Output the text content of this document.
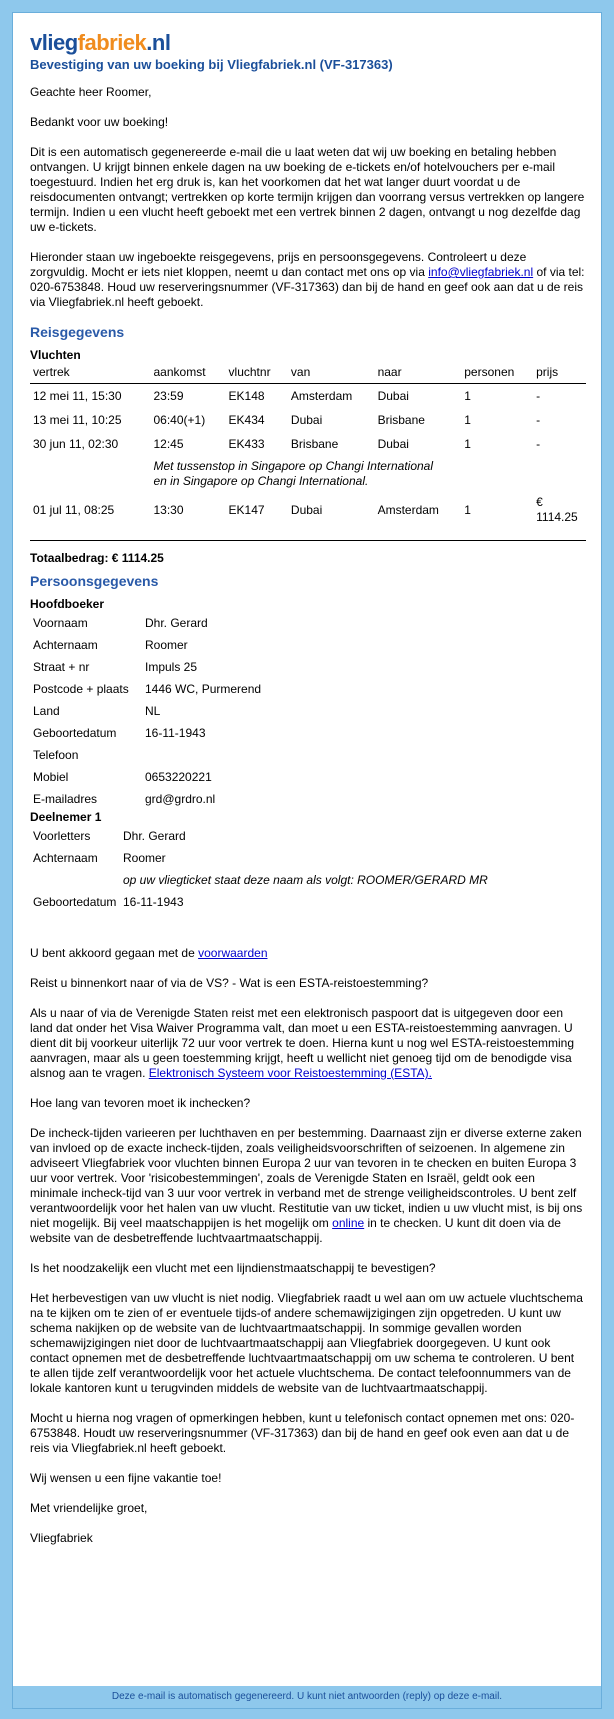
vliegfabriek.nl
Bevestiging van uw boeking bij Vliegfabriek.nl (VF-317363)

Geachte heer Roomer,

Bedankt voor uw boeking!

Dit is een automatisch gegenereerde e-mail die u laat weten dat wij uw boeking en betaling hebben ontvangen. U krijgt binnen enkele dagen na uw boeking de e-tickets en/of hotelvouchers per e-mail toegestuurd. Indien het erg druk is, kan het voorkomen dat het wat langer duurt voordat u de reisdocumenten ontvangt; vertrekken op korte termijn krijgen dan voorrang versus vertrekken op langere termijn. Indien u een vlucht heeft geboekt met een vertrek binnen 2 dagen, ontvangt u nog dezelfde dag uw e-tickets.

Hieronder staan uw ingeboekte reisgegevens, prijs en persoonsgegevens. Controleert u deze zorgvuldig. Mocht er iets niet kloppen, neemt u dan contact met ons op via info@vliegfabriek.nl of via tel: 020-6753848. Houd uw reserveringsnummer (VF-317363) dan bij de hand en geef ook aan dat u de reis via Vliegfabriek.nl heeft geboekt.

Reisgegevens
Vluchten
vertrek	aankomst	vluchtnr	van	naar	personen	prijs
12 mei 11, 15:30	23:59	EK148	Amsterdam	Dubai	1	-
13 mei 11, 10:25	06:40(+1)	EK434	Dubai	Brisbane	1	-
30 jun 11, 02:30	12:45	EK433	Brisbane	Dubai	1	-

	Met tussenstop in Singapore op Changi International
en in Singapore op Changi International.					

01 jul 11, 08:25	13:30	EK147	Dubai	Amsterdam	1	€ 1114.25
Totaalbedrag: € 1114.25
Persoonsgegevens
Hoofdboeker
Voornaam	Dhr. Gerard
Achternaam	Roomer
Straat + nr	Impuls 25
Postcode + plaats	1446 WC, Purmerend
Land	NL
Geboortedatum	16-11-1943
Telefoon	
Mobiel	0653220221
E-mailadres	grd@grdro.nl
Deelnemer 1
Voorletters	Dhr. Gerard
Achternaam	Roomer
	op uw vliegticket staat deze naam als volgt: ROOMER/GERARD MR
Geboortedatum	16-11-1943

U bent akkoord gegaan met de voorwaarden

Reist u binnenkort naar of via de VS? - Wat is een ESTA-reistoestemming?

Als u naar of via de Verenigde Staten reist met een elektronisch paspoort dat is uitgegeven door een land dat onder het Visa Waiver Programma valt, dan moet u een ESTA-reistoestemming aanvragen. U dient dit bij voorkeur uiterlijk 72 uur voor vertrek te doen. Hierna kunt u nog wel ESTA-reistoestemming aanvragen, maar als u geen toestemming krijgt, heeft u wellicht niet genoeg tijd om de benodigde visa alsnog aan te vragen. Elektronisch Systeem voor Reistoestemming (ESTA).

Hoe lang van tevoren moet ik inchecken?

De incheck-tijden varieeren per luchthaven en per bestemming. Daarnaast zijn er diverse externe zaken van invloed op de exacte incheck-tijden, zoals veiligheidsvoorschriften of seizoenen. In algemene zin adviseert Vliegfabriek voor vluchten binnen Europa 2 uur van tevoren in te checken en buiten Europa 3 uur voor vertrek. Voor 'risicobestemmingen', zoals de Verenigde Staten en Israël, geldt ook een minimale incheck-tijd van 3 uur voor vertrek in verband met de strenge veiligheidscontroles. U bent zelf verantwoordelijk voor het halen van uw vlucht. Restitutie van uw ticket, indien u uw vlucht mist, is bij ons niet mogelijk. Bij veel maatschappijen is het mogelijk om online in te checken. U kunt dit doen via de website van de desbetreffende luchtvaartmaatschappij.

Is het noodzakelijk een vlucht met een lijndienstmaatschappij te bevestigen?

Het herbevestigen van uw vlucht is niet nodig. Vliegfabriek raadt u wel aan om uw actuele vluchtschema na te kijken om te zien of er eventuele tijds-of andere schemawijzigingen zijn opgetreden. U kunt uw schema nakijken op de website van de luchtvaartmaatschappij. In sommige gevallen worden schemawijzigingen niet door de luchtvaartmaatschappij aan Vliegfabriek doorgegeven. U kunt ook contact opnemen met de desbetreffende luchtvaartmaatschappij om uw schema te controleren. U bent te allen tijde zelf verantwoordelijk voor het actuele vluchtschema. De contact telefoonnummers van de lokale kantoren kunt u terugvinden middels de website van de luchtvaartmaatschappij.

Mocht u hierna nog vragen of opmerkingen hebben, kunt u telefonisch contact opnemen met ons: 020-6753848. Houdt uw reserveringsnummer (VF-317363) dan bij de hand en geef ook even aan dat u de reis via Vliegfabriek.nl heeft geboekt.

Wij wensen u een fijne vakantie toe!

Met vriendelijke groet,

Vliegfabriek

Deze e-mail is automatisch gegenereerd. U kunt niet antwoorden (reply) op deze e-mail.
